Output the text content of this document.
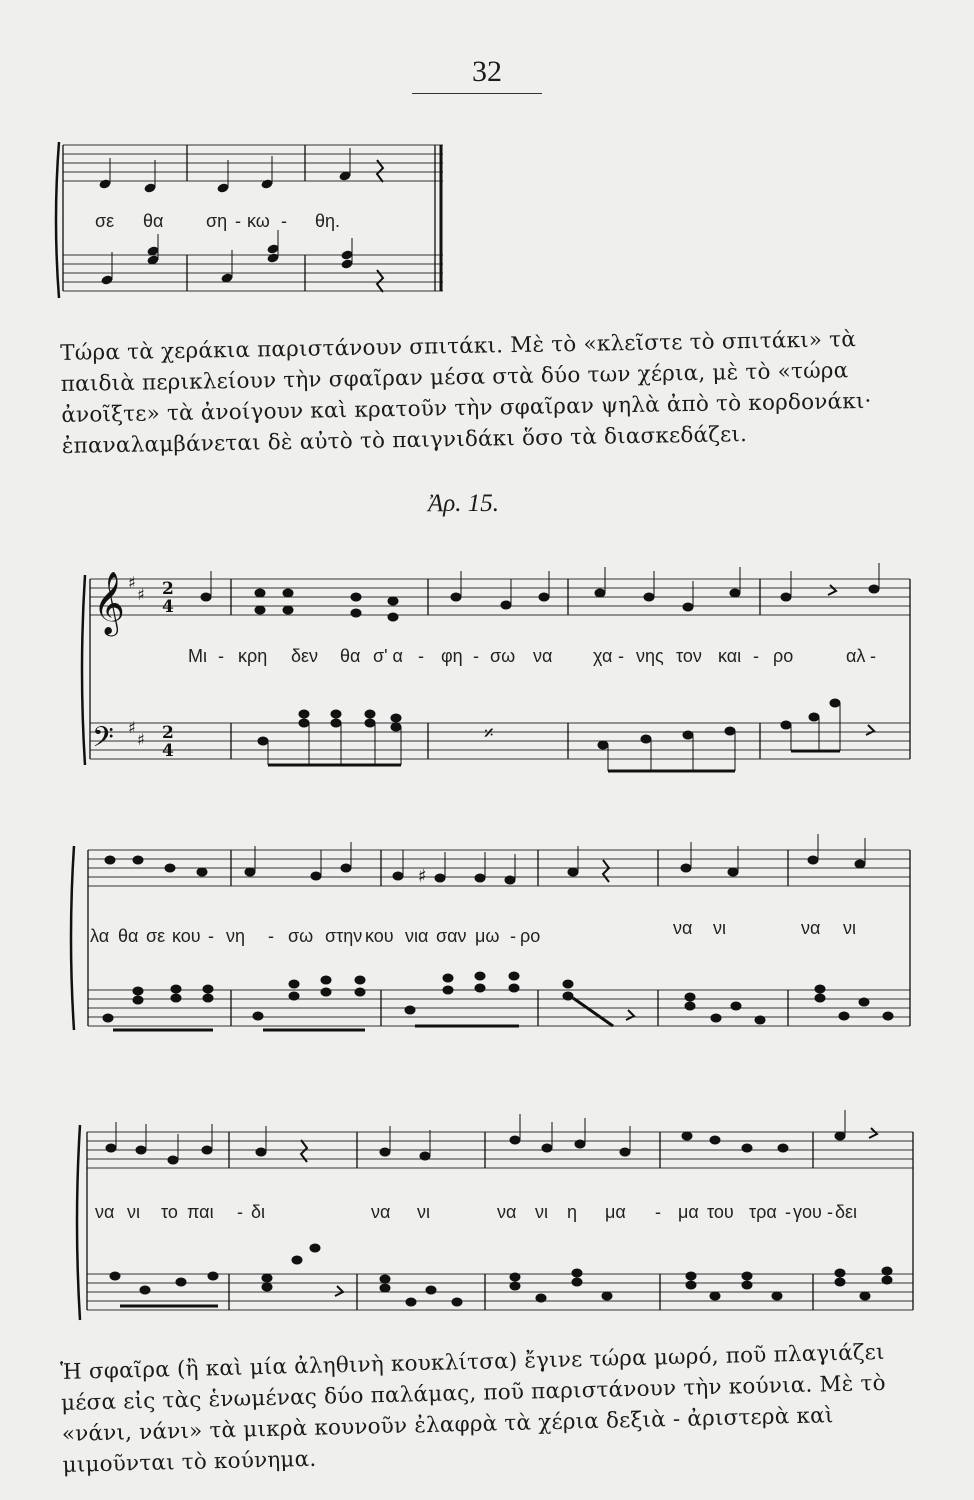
32
σε θα ση - κω - θη.

Τώρα τὰ χεράκια παριστάνουν σπιτάκι. Μὲ τὸ «κλεῖστε τὸ σπιτάκι» τὰ παιδιὰ περικλείουν τὴν σφαῖραν μέσα στὰ δύο των χέρια, μὲ τὸ «τώρα ἀνοῖξτε» τὰ ἀνοίγουν καὶ κρατοῦν τὴν σφαῖραν ψηλὰ ἀπὸ τὸ κορδονάκι· ἐπαναλαμβάνεται δὲ αὐτὸ τὸ παιγνιδάκι ὅσο τὰ διασκεδάζει.

Ἀρ. 15.
𝄞 ♯
♯ 2
4
𝄢 ♯
♯ 2
4
𝄎
Μι - κρη δεν θα σ' α - φη - σω να χα - νης τον και - ρο	αλ -
♯
λα θα σε κου - νη - σω στην κου νια σαν μω - ρο	να νι	να νι
να νι το παι - δι	να νι	να νι η μα - μα του τρα - γου - δει

Ἡ σφαῖρα (ἢ καὶ μία ἀληθινὴ κουκλίτσα) ἔγινε τώρα μωρό, ποῦ πλαγιάζει μέσα εἰς τὰς ἑνωμένας δύο παλάμας, ποῦ παριστάνουν τὴν κούνια. Μὲ τὸ «νάνι, νάνι» τὰ μικρὰ κουνοῦν ἐλαφρὰ τὰ χέρια δεξιὰ - ἀριστερὰ καὶ μιμοῦνται τὸ κούνημα.
